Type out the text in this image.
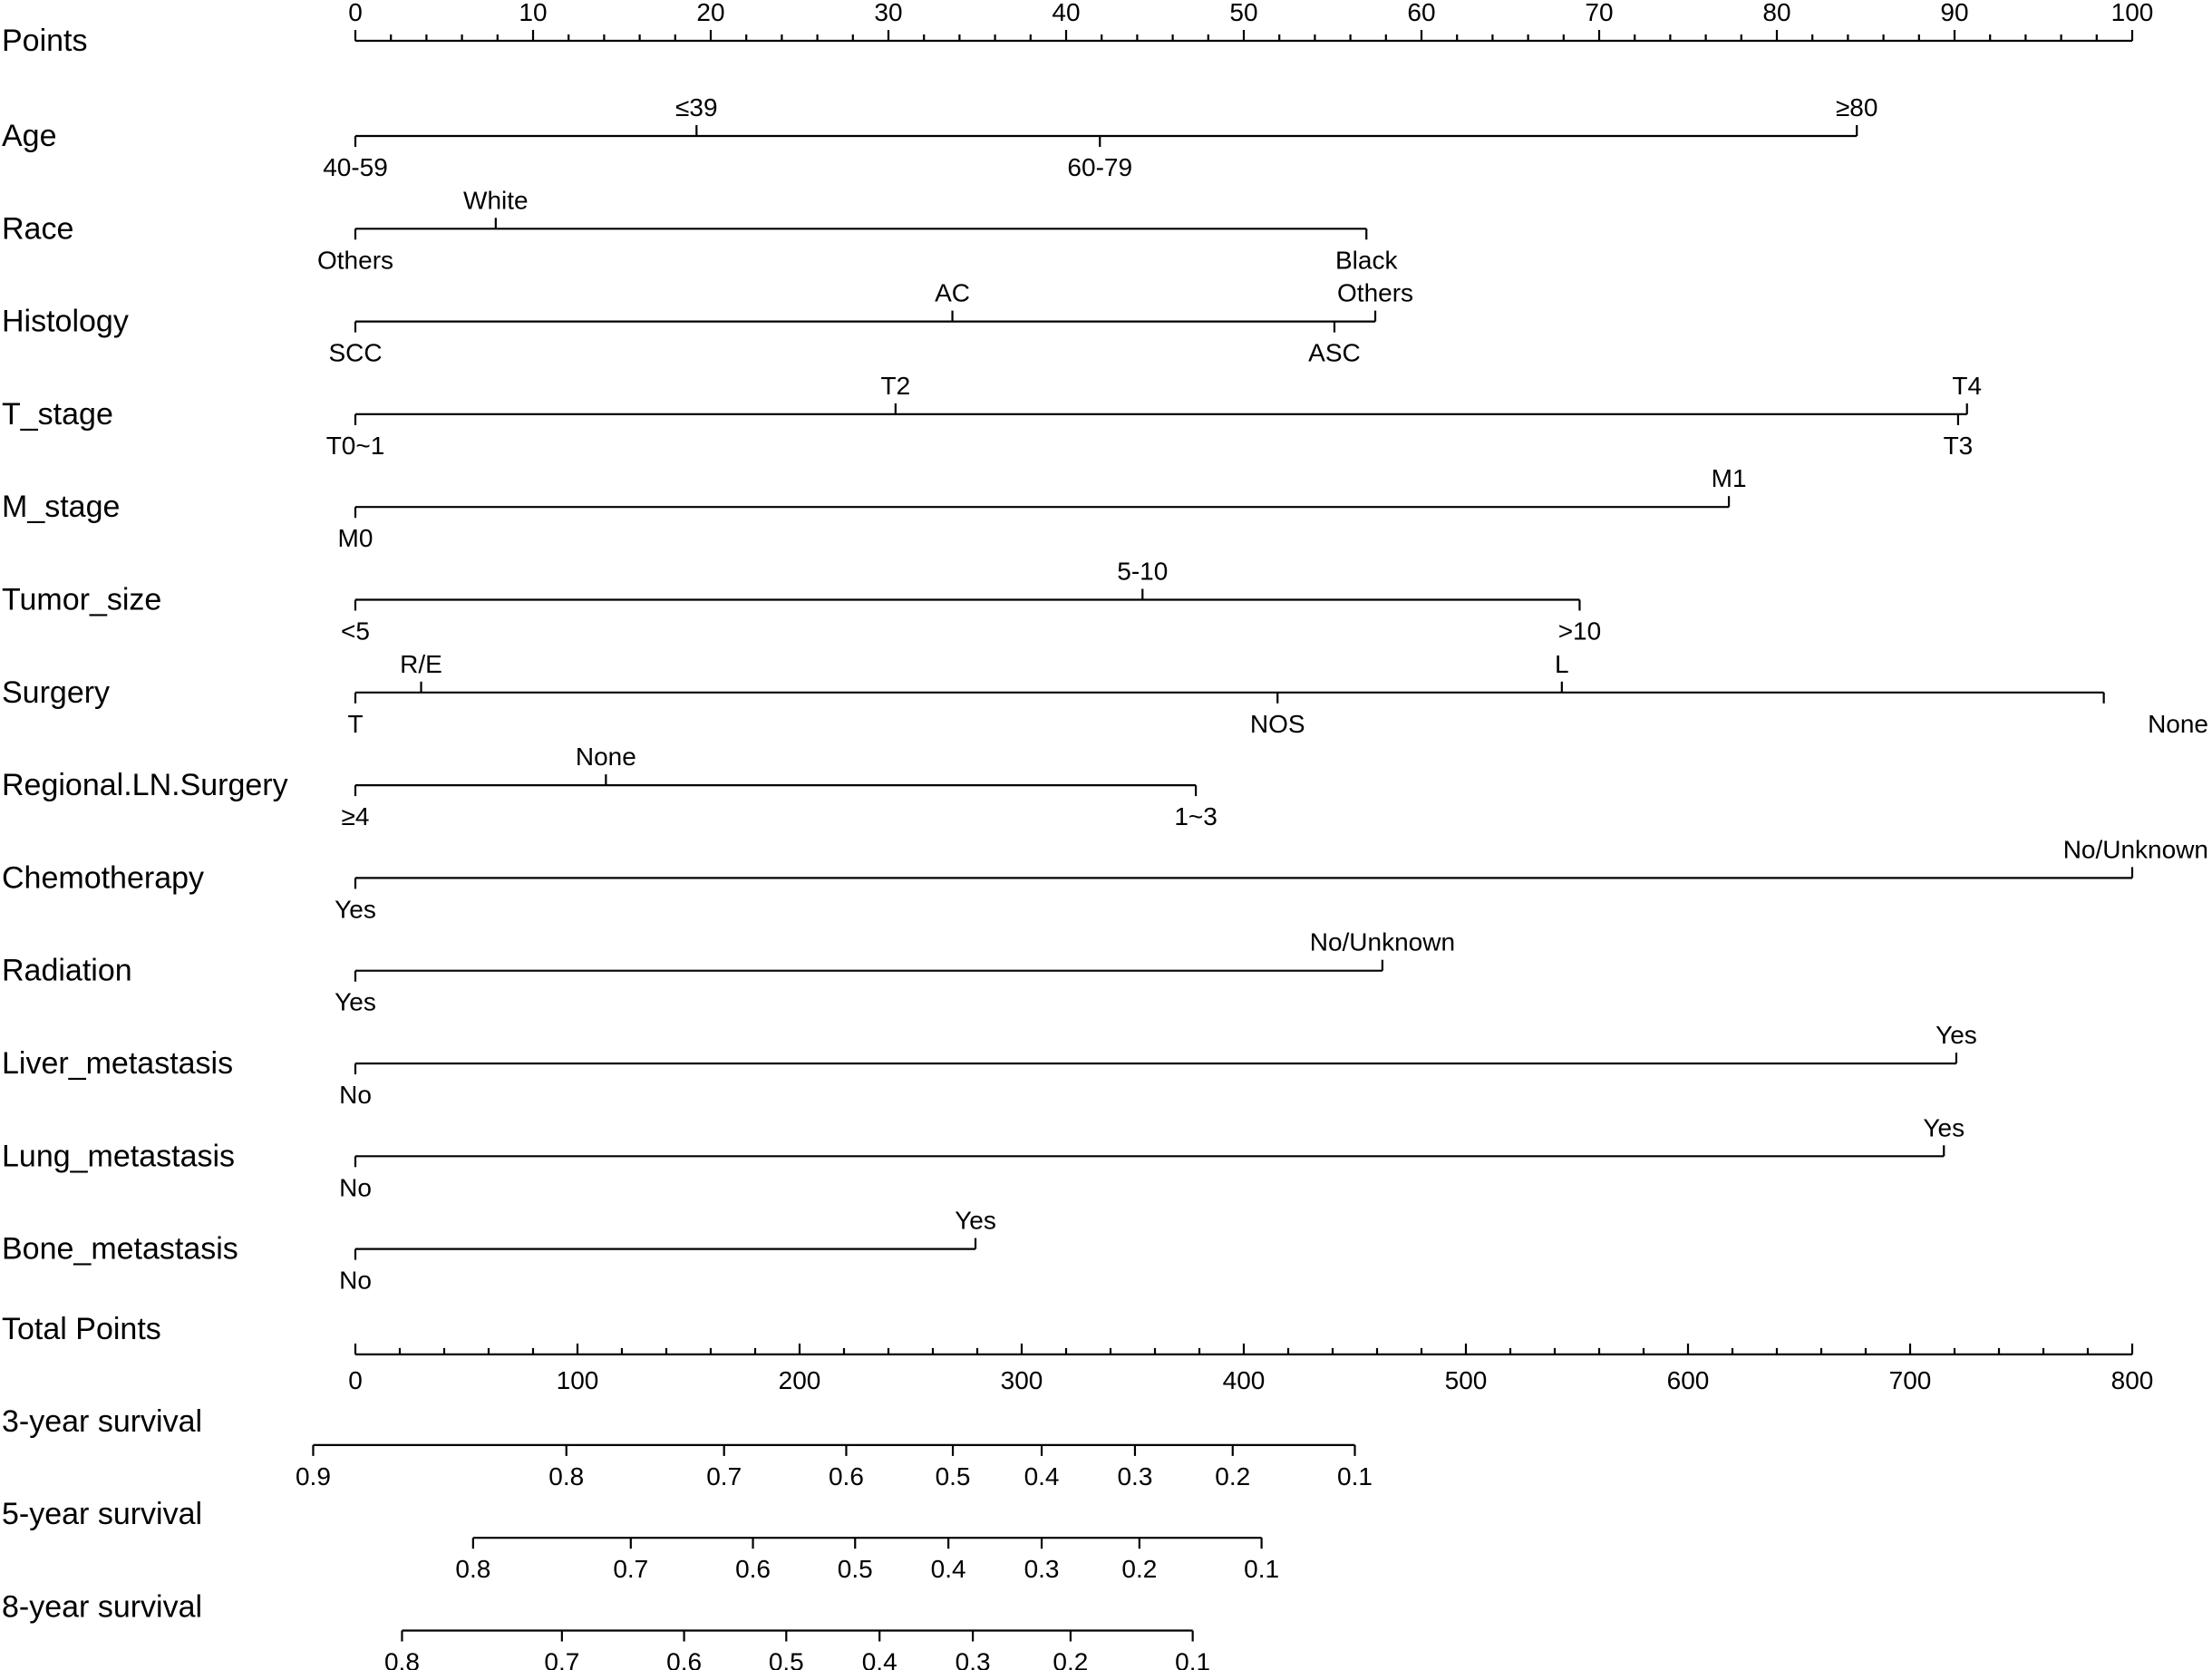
Points
0	10	20	30	40	50	60	70	80	90	100
Age
40-59
≤39
60-79
≥80
Race
Others
White
Black
Histology
SCC
AC
ASC
Others
T_stage
T0~1
T2
T3
T4
M_stage
M0
M1
Tumor_size
<5
5-10
>10
Surgery
T
R/E
NOS
L
None
Regional.LN.Surgery
≥4
None
1~3
Chemotherapy
Yes
No/Unknown
Radiation
Yes
No/Unknown
Liver_metastasis
No
Yes
Lung_metastasis
No
Yes
Bone_metastasis
No
Yes
Total Points
0	100	200	300	400	500	600	700	800
3-year survival
0.9	0.8	0.7	0.6	0.5 0.4 0.3 0.2	0.1
5-year survival
0.8	0.7	0.6	0.5 0.4 0.3 0.2	0.1
8-year survival
0.8	0.7	0.6	0.5 0.4 0.3 0.2	0.1
